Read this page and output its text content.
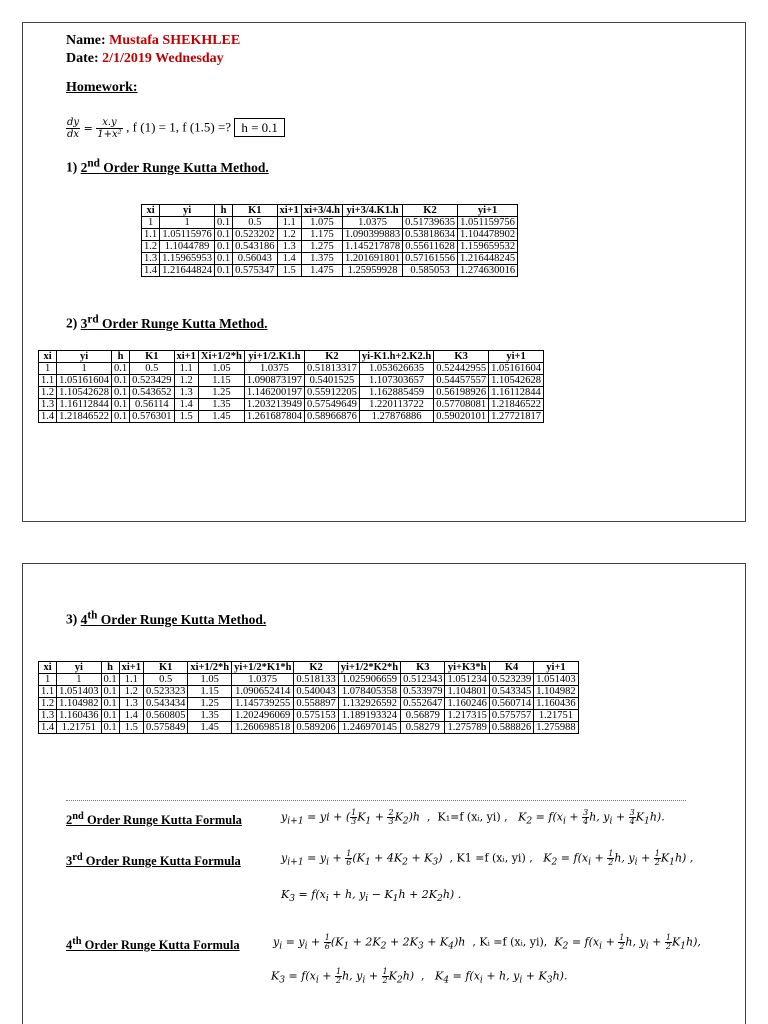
Name: Mustafa SHEKHLEE
Date: 2/1/2019 Wednesday
Homework:
$\frac{dy}{dx} = \frac{x.y}{\text{1+x²}}$ , f (1) = 1, f (1.5) =? h = 0.1
1) 2nd Order Runge Kutta Method.
xi	yi	h	K1	xi+1	xi+3/4.h	yi+3/4.K1.h	K2	yi+1
1	1	0.1	0.5	1.1	1.075	1.0375	0.51739635	1.051159756
1.1	1.05115976	0.1	0.523202	1.2	1.175	1.090399883	0.53818634	1.104478902
1.2	1.1044789	0.1	0.543186	1.3	1.275	1.145217878	0.55611628	1.159659532
1.3	1.15965953	0.1	0.56043	1.4	1.375	1.201691801	0.57161556	1.216448245
1.4	1.21644824	0.1	0.575347	1.5	1.475	1.25959928	0.585053	1.274630016
2) 3rd Order Runge Kutta Method.
xi	yi	h	K1	xi+1	Xi+1/2*h	yi+1/2.K1.h	K2	yi-K1.h+2.K2.h	K3	yi+1
1	1	0.1	0.5	1.1	1.05	1.0375	0.51813317	1.053626635	0.52442955	1.05161604
1.1	1.05161604	0.1	0.523429	1.2	1.15	1.090873197	0.5401525	1.107303657	0.54457557	1.10542628
1.2	1.10542628	0.1	0.543652	1.3	1.25	1.146200197	0.55912205	1.162885459	0.56198926	1.16112844
1.3	1.16112844	0.1	0.56114	1.4	1.35	1.203213949	0.57549649	1.220113722	0.57708081	1.21846522
1.4	1.21846522	0.1	0.576301	1.5	1.45	1.261687804	0.58966876	1.27876886	0.59020101	1.27721817
3) 4th Order Runge Kutta Method.
xi	yi	h	xi+1	K1	xi+1/2*h	yi+1/2*K1*h	K2	yi+1/2*K2*h	K3	yi+K3*h	K4	yi+1
1	1	0.1	1.1	0.5	1.05	1.0375	0.518133	1.025906659	0.512343	1.051234	0.523239	1.051403
1.1	1.051403	0.1	1.2	0.523323	1.15	1.090652414	0.540043	1.078405358	0.533979	1.104801	0.543345	1.104982
1.2	1.104982	0.1	1.3	0.543434	1.25	1.145739255	0.558897	1.132926592	0.552647	1.160246	0.560714	1.160436
1.3	1.160436	0.1	1.4	0.560805	1.35	1.202496069	0.575153	1.189193324	0.56879	1.217315	0.575757	1.21751
1.4	1.21751	0.1	1.5	0.575849	1.45	1.260698518	0.589206	1.246970145	0.58279	1.275789	0.588826	1.275988
2nd Order Runge Kutta Formula	$y_{i+1}$ = yi + ( $\frac{1}{3} K_1 + \frac{2}{3} K_2)h$  ,  K₁=f (xᵢ, yi) ,   $K_2 = f(x_i + \frac{3}{4} h$, $y_i + \frac{3}{4} K_1h$).
3rd Order Runge Kutta Formula	$y_{i+1} = y_i + \frac{1}{6} (K_1 + 4K_2 + K_3)$  , K1 =f (xᵢ, yi) ,   $K_2 = f(x_i + \frac{1}{2} h$, $y_i + \frac{1}{2} K_1h$) ,
$K_3 = f(x_i + h$, $y_i - K_1h + 2K_2h$) .
4th Order Runge Kutta Formula	$y_i = y_i + \frac{1}{6} (K_1 + 2K_2 + 2K_3 + K_4)h$  , Kᵢ =f (xᵢ, yi),  $K_2 = f(x_i + \frac{1}{2} h$, $y_i + \frac{1}{2} K_1h$),
$K_3 = f(x_i + \frac{1}{2} h$, $y_i + \frac{1}{2} K_2h$)  ,   $K_4 = f(x_i + h$, $y_i + K_3h$).
